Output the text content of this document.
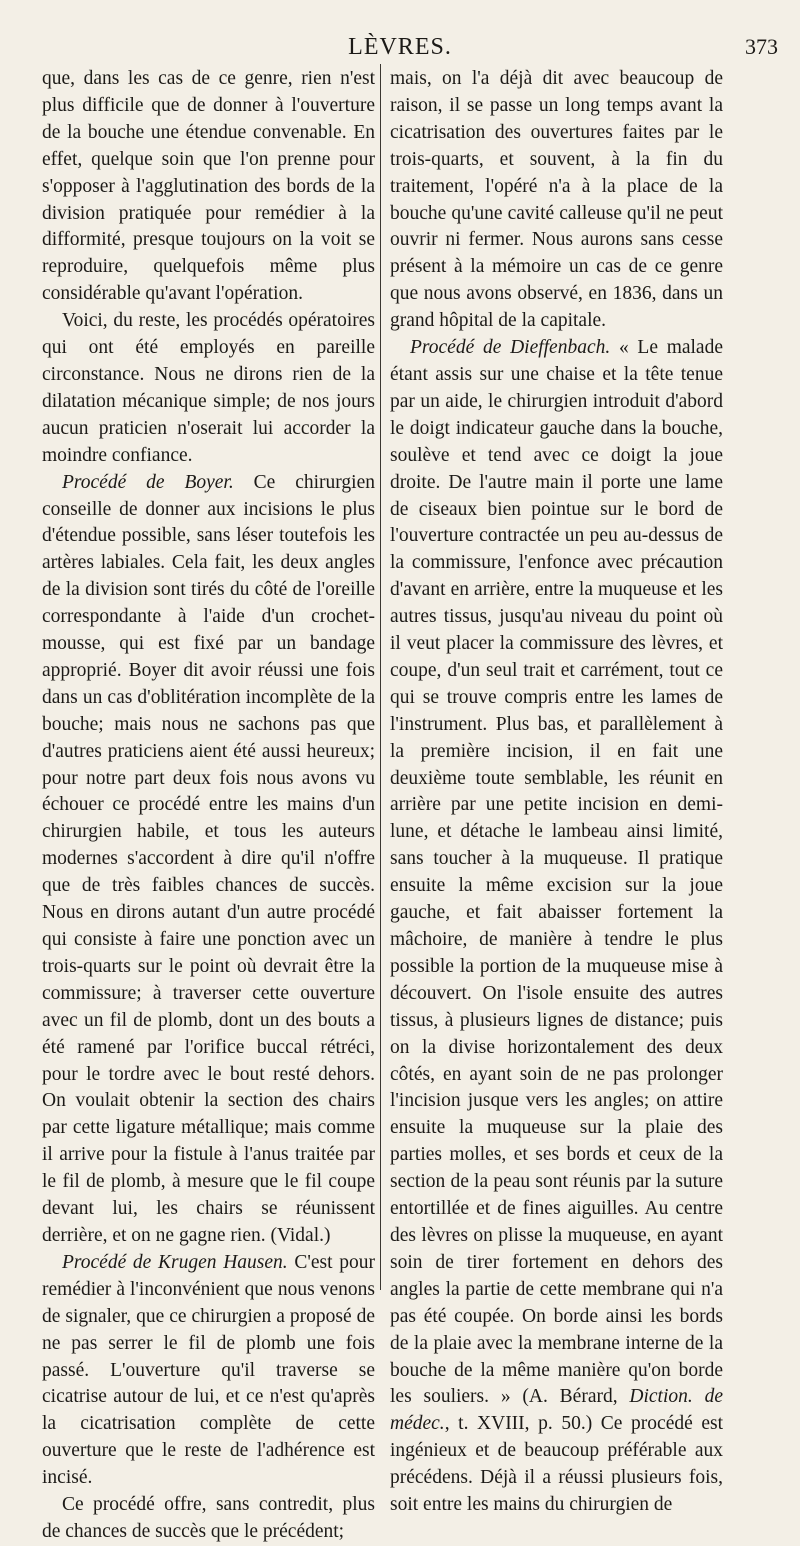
LÈVRES.	373

que, dans les cas de ce genre, rien n'est plus difficile que de donner à l'ouverture de la bouche une étendue convenable. En effet, quelque soin que l'on prenne pour s'opposer à l'agglutination des bords de la division pratiquée pour remédier à la difformité, presque toujours on la voit se reproduire, quelquefois même plus considérable qu'avant l'opération.

Voici, du reste, les procédés opératoires qui ont été employés en pareille circonstance. Nous ne dirons rien de la dilatation mécanique simple; de nos jours aucun praticien n'oserait lui accorder la moindre confiance.

Procédé de Boyer. Ce chirurgien conseille de donner aux incisions le plus d'étendue possible, sans léser toutefois les artères labiales. Cela fait, les deux angles de la division sont tirés du côté de l'oreille correspondante à l'aide d'un crochet-mousse, qui est fixé par un bandage approprié. Boyer dit avoir réussi une fois dans un cas d'oblitération incomplète de la bouche; mais nous ne sachons pas que d'autres praticiens aient été aussi heureux; pour notre part deux fois nous avons vu échouer ce procédé entre les mains d'un chirurgien habile, et tous les auteurs modernes s'accordent à dire qu'il n'offre que de très faibles chances de succès. Nous en dirons autant d'un autre procédé qui consiste à faire une ponction avec un trois-quarts sur le point où devrait être la commissure; à traverser cette ouverture avec un fil de plomb, dont un des bouts a été ramené par l'orifice buccal rétréci, pour le tordre avec le bout resté dehors. On voulait obtenir la section des chairs par cette ligature métallique; mais comme il arrive pour la fistule à l'anus traitée par le fil de plomb, à mesure que le fil coupe devant lui, les chairs se réunissent derrière, et on ne gagne rien. (Vidal.)

Procédé de Krugen Hausen. C'est pour remédier à l'inconvénient que nous venons de signaler, que ce chirurgien a proposé de ne pas serrer le fil de plomb une fois passé. L'ouverture qu'il traverse se cicatrise autour de lui, et ce n'est qu'après la cicatrisation complète de cette ouverture que le reste de l'adhérence est incisé.

Ce procédé offre, sans contredit, plus de chances de succès que le précédent;

mais, on l'a déjà dit avec beaucoup de raison, il se passe un long temps avant la cicatrisation des ouvertures faites par le trois-quarts, et souvent, à la fin du traitement, l'opéré n'a à la place de la bouche qu'une cavité calleuse qu'il ne peut ouvrir ni fermer. Nous aurons sans cesse présent à la mémoire un cas de ce genre que nous avons observé, en 1836, dans un grand hôpital de la capitale.

Procédé de Dieffenbach. « Le malade étant assis sur une chaise et la tête tenue par un aide, le chirurgien introduit d'abord le doigt indicateur gauche dans la bouche, soulève et tend avec ce doigt la joue droite. De l'autre main il porte une lame de ciseaux bien pointue sur le bord de l'ouverture contractée un peu au-dessus de la commissure, l'enfonce avec précaution d'avant en arrière, entre la muqueuse et les autres tissus, jusqu'au niveau du point où il veut placer la commissure des lèvres, et coupe, d'un seul trait et carrément, tout ce qui se trouve compris entre les lames de l'instrument. Plus bas, et parallèlement à la première incision, il en fait une deuxième toute semblable, les réunit en arrière par une petite incision en demi-lune, et détache le lambeau ainsi limité, sans toucher à la muqueuse. Il pratique ensuite la même excision sur la joue gauche, et fait abaisser fortement la mâchoire, de manière à tendre le plus possible la portion de la muqueuse mise à découvert. On l'isole ensuite des autres tissus, à plusieurs lignes de distance; puis on la divise horizontalement des deux côtés, en ayant soin de ne pas prolonger l'incision jusque vers les angles; on attire ensuite la muqueuse sur la plaie des parties molles, et ses bords et ceux de la section de la peau sont réunis par la suture entortillée et de fines aiguilles. Au centre des lèvres on plisse la muqueuse, en ayant soin de tirer fortement en dehors des angles la partie de cette membrane qui n'a pas été coupée. On borde ainsi les bords de la plaie avec la membrane interne de la bouche de la même manière qu'on borde les souliers. » (A. Bérard, Diction. de médec., t. XVIII, p. 50.) Ce procédé est ingénieux et de beaucoup préférable aux précédens. Déjà il a réussi plusieurs fois, soit entre les mains du chirurgien de
